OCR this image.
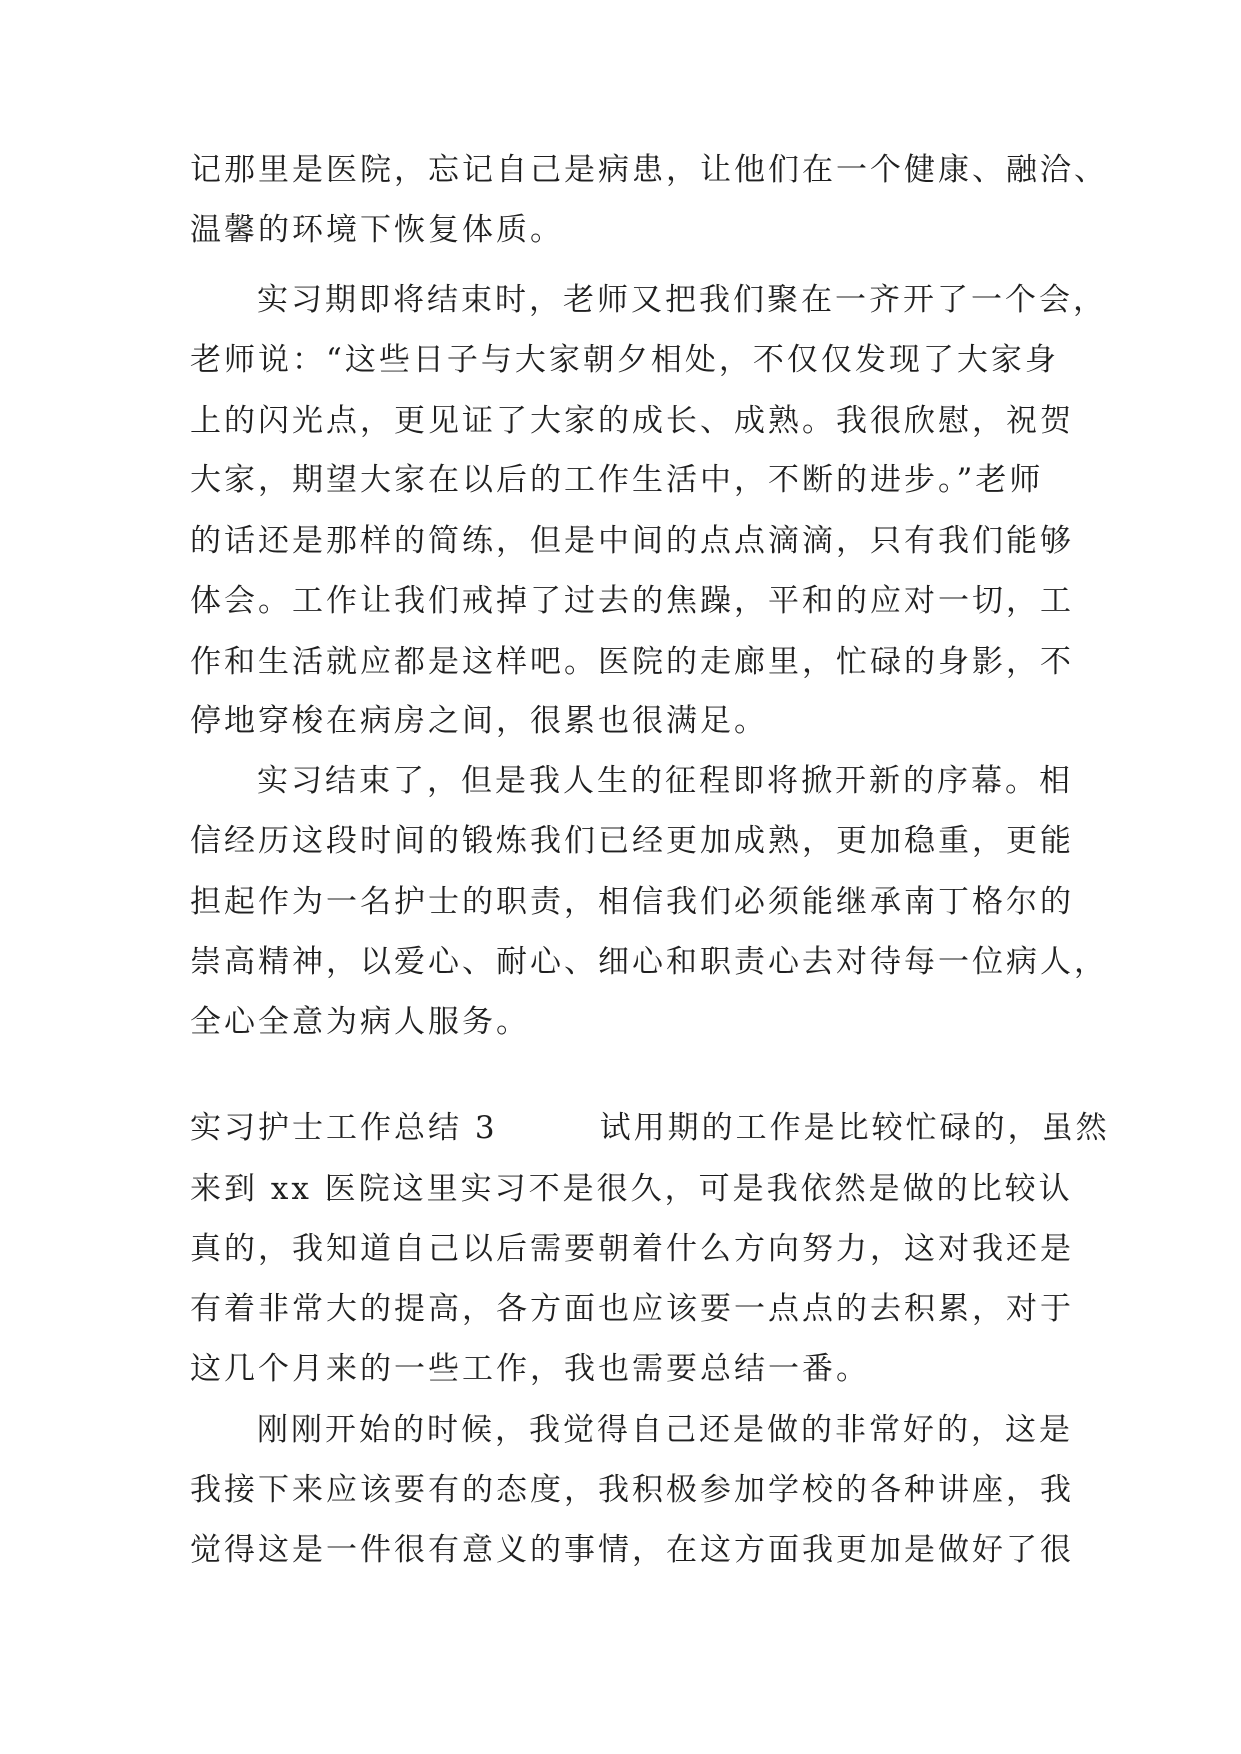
记那里是医院，忘记自己是病患，让他们在一个健康、融洽、
温馨的环境下恢复体质。
实习期即将结束时，老师又把我们聚在一齐开了一个会，
老师说：“这些日子与大家朝夕相处，不仅仅发现了大家身
上的闪光点，更见证了大家的成长、成熟。我很欣慰，祝贺
大家，期望大家在以后的工作生活中，不断的进步。”老师
的话还是那样的简练，但是中间的点点滴滴，只有我们能够
体会。工作让我们戒掉了过去的焦躁，平和的应对一切，工
作和生活就应都是这样吧。医院的走廊里，忙碌的身影，不
停地穿梭在病房之间，很累也很满足。
实习结束了，但是我人生的征程即将掀开新的序幕。相
信经历这段时间的锻炼我们已经更加成熟，更加稳重，更能
担起作为一名护士的职责，相信我们必须能继承南丁格尔的
崇高精神，以爱心、耐心、细心和职责心去对待每一位病人，
全心全意为病人服务。
实习护士工作总结 3　　　试用期的工作是比较忙碌的，虽然
来到 xx 医院这里实习不是很久，可是我依然是做的比较认
真的，我知道自己以后需要朝着什么方向努力，这对我还是
有着非常大的提高，各方面也应该要一点点的去积累，对于
这几个月来的一些工作，我也需要总结一番。
刚刚开始的时候，我觉得自己还是做的非常好的，这是
我接下来应该要有的态度，我积极参加学校的各种讲座，我
觉得这是一件很有意义的事情，在这方面我更加是做好了很
